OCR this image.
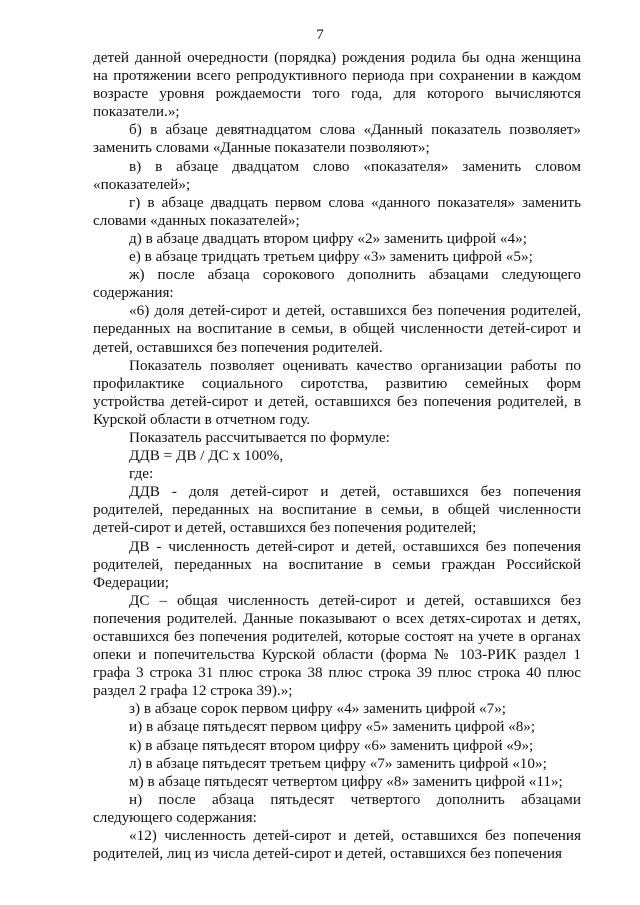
7

детей данной очередности (порядка) рождения родила бы одна женщина на протяжении всего репродуктивного периода при сохранении в каждом возрасте уровня рождаемости того года, для которого вычисляются показатели.»;

б) в абзаце девятнадцатом слова «Данный показатель позволяет» заменить словами «Данные показатели позволяют»;

в) в абзаце двадцатом слово «показателя» заменить словом «показателей»;

г) в абзаце двадцать первом слова «данного показателя» заменить словами «данных показателей»;

д) в абзаце двадцать втором цифру «2» заменить цифрой «4»;

е) в абзаце тридцать третьем цифру «3» заменить цифрой «5»;

ж) после абзаца сорокового дополнить абзацами следующего содержания:

«6) доля детей-сирот и детей, оставшихся без попечения родителей, переданных на воспитание в семьи, в общей численности детей-сирот и детей, оставшихся без попечения родителей.

Показатель позволяет оценивать качество организации работы по профилактике социального сиротства, развитию семейных форм устройства детей-сирот и детей, оставшихся без попечения родителей, в Курской области в отчетном году.

Показатель рассчитывается по формуле:

ДДВ = ДВ / ДС x 100%,

где:

ДДВ - доля детей-сирот и детей, оставшихся без попечения родителей, переданных на воспитание в семьи, в общей численности детей-сирот и детей, оставшихся без попечения родителей;

ДВ - численность детей-сирот и детей, оставшихся без попечения родителей, переданных на воспитание в семьи граждан Российской Федерации;

ДС – общая численность детей-сирот и детей, оставшихся без попечения родителей. Данные показывают о всех детях-сиротах и детях, оставшихся без попечения родителей, которые состоят на учете в органах опеки и попечительства Курской области (форма № 103-РИК раздел 1 графа 3 строка 31 плюс строка 38 плюс строка 39 плюс строка 40 плюс раздел 2 графа 12 строка 39).»;

з) в абзаце сорок первом цифру «4» заменить цифрой «7»;

и) в абзаце пятьдесят первом цифру «5» заменить цифрой «8»;

к) в абзаце пятьдесят втором цифру «6» заменить цифрой «9»;

л) в абзаце пятьдесят третьем цифру «7» заменить цифрой «10»;

м) в абзаце пятьдесят четвертом цифру «8» заменить цифрой «11»;

н) после абзаца пятьдесят четвертого дополнить абзацами следующего содержания:

«12) численность детей-сирот и детей, оставшихся без попечения родителей, лиц из числа детей-сирот и детей, оставшихся без попечения
